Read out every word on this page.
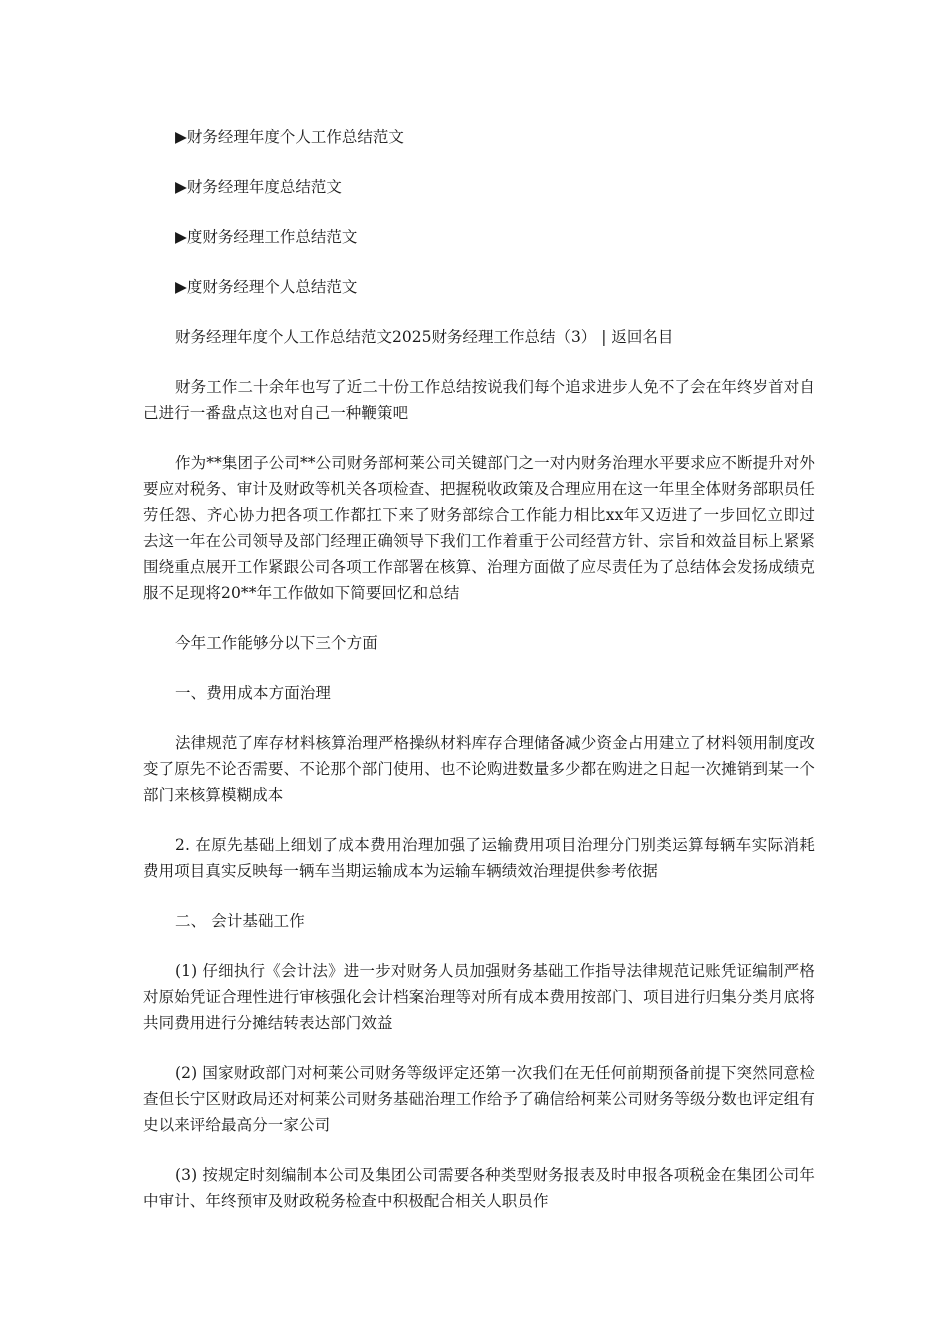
▶财务经理年度个人工作总结范文
▶财务经理年度总结范文
▶度财务经理工作总结范文
▶度财务经理个人总结范文
财务经理年度个人工作总结范文2025财务经理工作总结（3） | 返回名目

财务工作二十余年也写了近二十份工作总结按说我们每个追求进步人免不了会在年终岁首对自己进行一番盘点这也对自己一种鞭策吧

作为**集团子公司**公司财务部柯莱公司关键部门之一对内财务治理水平要求应不断提升对外要应对税务、审计及财政等机关各项检查、把握税收政策及合理应用在这一年里全体财务部职员任劳任怨、齐心协力把各项工作都扛下来了财务部综合工作能力相比xx年又迈进了一步回忆立即过去这一年在公司领导及部门经理正确领导下我们工作着重于公司经营方针、宗旨和效益目标上紧紧围绕重点展开工作紧跟公司各项工作部署在核算、治理方面做了应尽责任为了总结体会发扬成绩克服不足现将20**年工作做如下简要回忆和总结

今年工作能够分以下三个方面

一、费用成本方面治理

法律规范了库存材料核算治理严格操纵材料库存合理储备减少资金占用建立了材料领用制度改变了原先不论否需要、不论那个部门使用、也不论购进数量多少都在购进之日起一次摊销到某一个部门来核算模糊成本

2. 在原先基础上细划了成本费用治理加强了运输费用项目治理分门别类运算每辆车实际消耗费用项目真实反映每一辆车当期运输成本为运输车辆绩效治理提供参考依据

二、 会计基础工作

(1) 仔细执行《会计法》进一步对财务人员加强财务基础工作指导法律规范记账凭证编制严格对原始凭证合理性进行审核强化会计档案治理等对所有成本费用按部门、项目进行归集分类月底将共同费用进行分摊结转表达部门效益

(2) 国家财政部门对柯莱公司财务等级评定还第一次我们在无任何前期预备前提下突然同意检查但长宁区财政局还对柯莱公司财务基础治理工作给予了确信给柯莱公司财务等级分数也评定组有史以来评给最高分一家公司

(3) 按规定时刻编制本公司及集团公司需要各种类型财务报表及时申报各项税金在集团公司年中审计、年终预审及财政税务检查中积极配合相关人职员作
